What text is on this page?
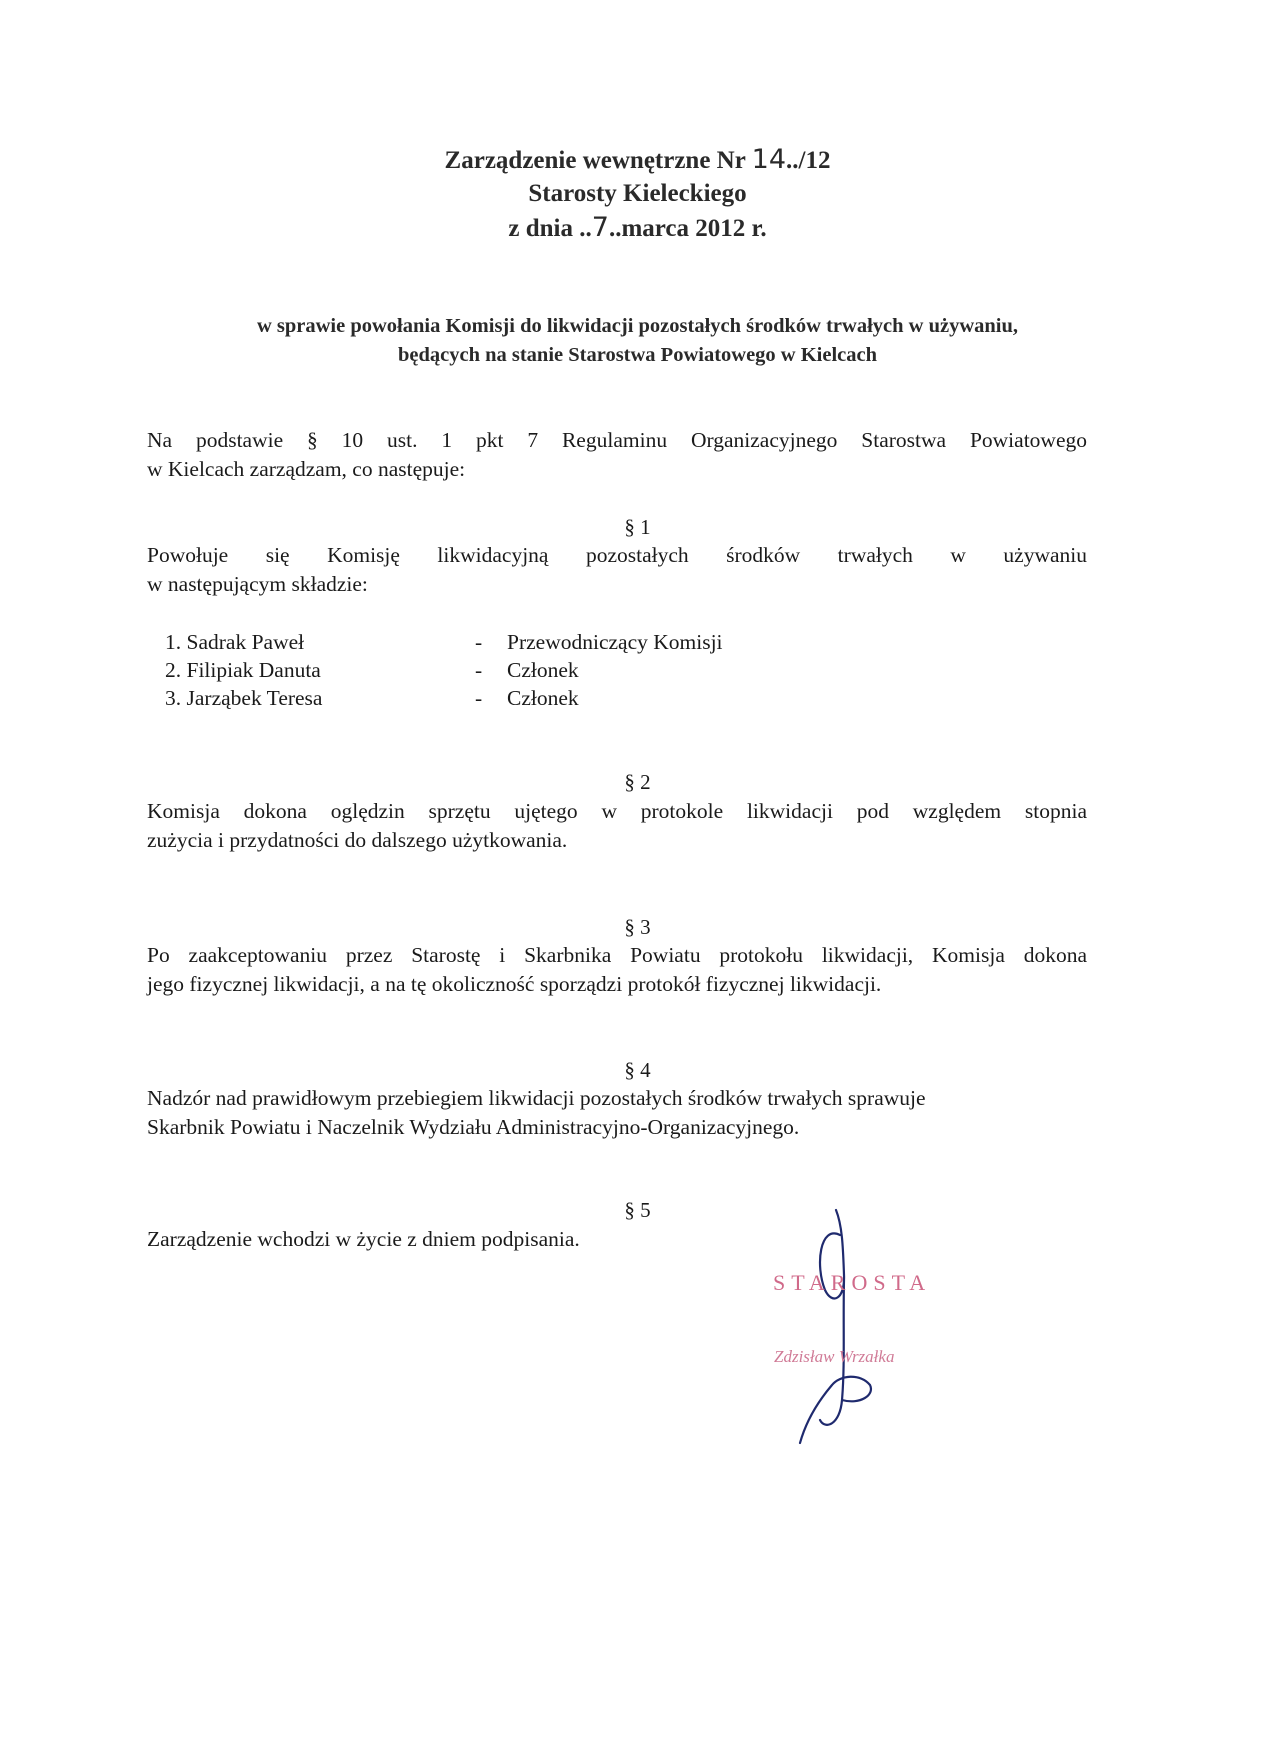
Zarządzenie wewnętrzne Nr 14../12
Starosty Kieleckiego
z dnia ..7..marca 2012 r.
w sprawie powołania Komisji do likwidacji pozostałych środków trwałych w używaniu,
będących na stanie Starostwa Powiatowego w Kielcach
Na podstawie § 10 ust. 1 pkt 7 Regulaminu Organizacyjnego Starostwa Powiatowego
w Kielcach zarządzam, co następuje:
§ 1
Powołuje się Komisję likwidacyjną pozostałych środków trwałych w używaniu
w następującym składzie:
1. Sadrak Paweł	- Przewodniczący Komisji
2. Filipiak Danuta	- Członek
3. Jarząbek Teresa	- Członek
§ 2
Komisja dokona oględzin sprzętu ujętego w protokole likwidacji pod względem stopnia
zużycia i przydatności do dalszego użytkowania.
§ 3
Po zaakceptowaniu przez Starostę i Skarbnika Powiatu protokołu likwidacji, Komisja dokona
jego fizycznej likwidacji, a na tę okoliczność sporządzi protokół fizycznej likwidacji.
§ 4
Nadzór nad prawidłowym przebiegiem likwidacji pozostałych środków trwałych sprawuje
Skarbnik Powiatu i Naczelnik Wydziału Administracyjno-Organizacyjnego.
§ 5
Zarządzenie wchodzi w życie z dniem podpisania.
STAROSTA
Zdzisław Wrzałka
